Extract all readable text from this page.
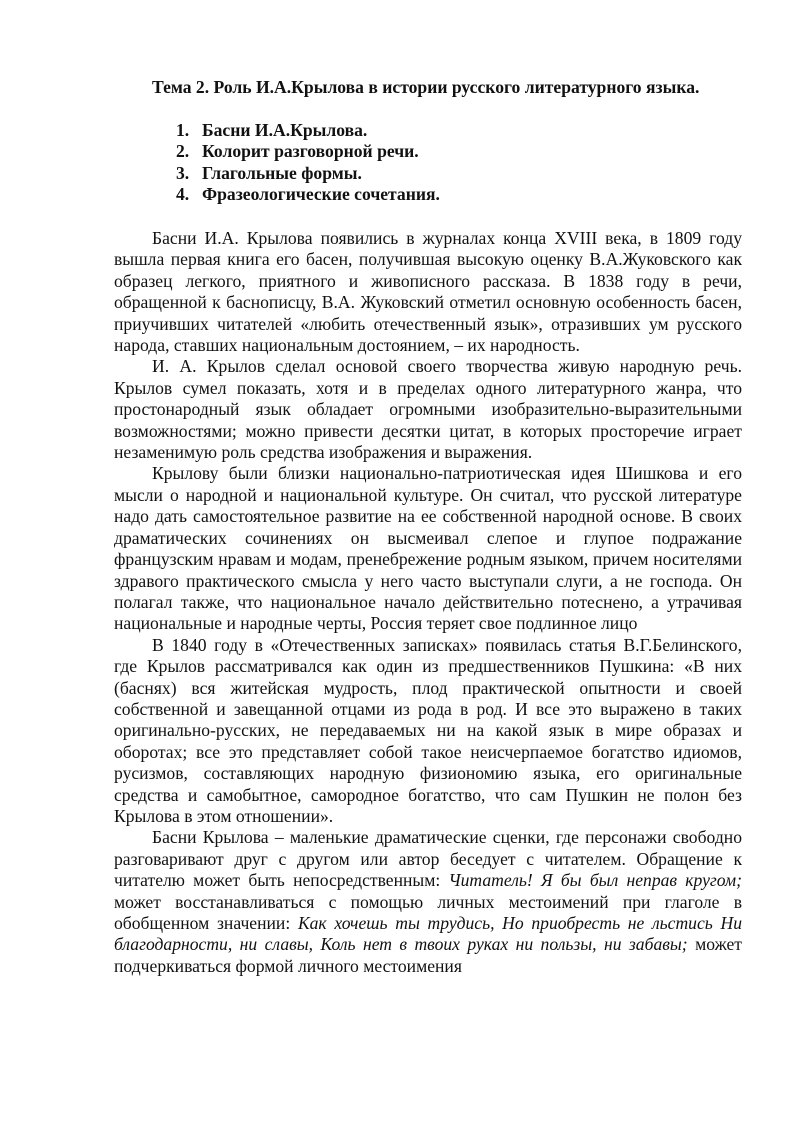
Тема 2. Роль И.А.Крылова в истории русского литературного языка.

1. Басни И.А.Крылова.
2. Колорит разговорной речи.
3. Глагольные формы.
4. Фразеологические сочетания.

Басни И.А. Крылова появились в журналах конца XVIII века, в 1809 году вышла первая книга его басен, получившая высокую оценку В.А.Жуковского как образец легкого, приятного и живописного рассказа. В 1838 году в речи, обращенной к баснописцу, В.А. Жуковский отметил основную особенность басен, приучивших читателей «любить отечественный язык», отразивших ум русского народа, ставших национальным достоянием, – их народность.

И. А. Крылов сделал основой своего творчества живую народную речь. Крылов сумел показать, хотя и в пределах одного литературного жанра, что простонародный язык обладает огромными изобразительно-выразительными возможностями; можно привести десятки цитат, в которых просторечие играет незаменимую роль средства изображения и выражения.

Крылову были близки национально-патриотическая идея Шишкова и его мысли о народной и национальной культуре. Он считал, что русской литературе надо дать самостоятельное развитие на ее собственной народной основе. В своих драматических сочинениях он высмеивал слепое и глупое подражание французским нравам и модам, пренебрежение родным языком, причем носителями здравого практического смысла у него часто выступали слуги, а не господа. Он полагал также, что национальное начало действительно потеснено, а утрачивая национальные и народные черты, Россия теряет свое подлинное лицо

В 1840 году в «Отечественных записках» появилась статья В.Г.Белинского, где Крылов рассматривался как один из предшественников Пушкина: «В них (баснях) вся житейская мудрость, плод практической опытности и своей собственной и завещанной отцами из рода в род. И все это выражено в таких оригинально-русских, не передаваемых ни на какой язык в мире образах и оборотах; все это представляет собой такое неисчерпаемое богатство идиомов, русизмов, составляющих народную физиономию языка, его оригинальные средства и самобытное, самородное богатство, что сам Пушкин не полон без Крылова в этом отношении».

Басни Крылова – маленькие драматические сценки, где персонажи свободно разговаривают друг с другом или автор беседует с читателем. Обращение к читателю может быть непосредственным: Читатель! Я бы был неправ кругом; может восстанавливаться с помощью личных местоимений при глаголе в обобщенном значении: Как хочешь ты трудись, Но приобресть не льстись Ни благодарности, ни славы, Коль нет в твоих руках ни пользы, ни забавы; может подчеркиваться формой личного местоимения
